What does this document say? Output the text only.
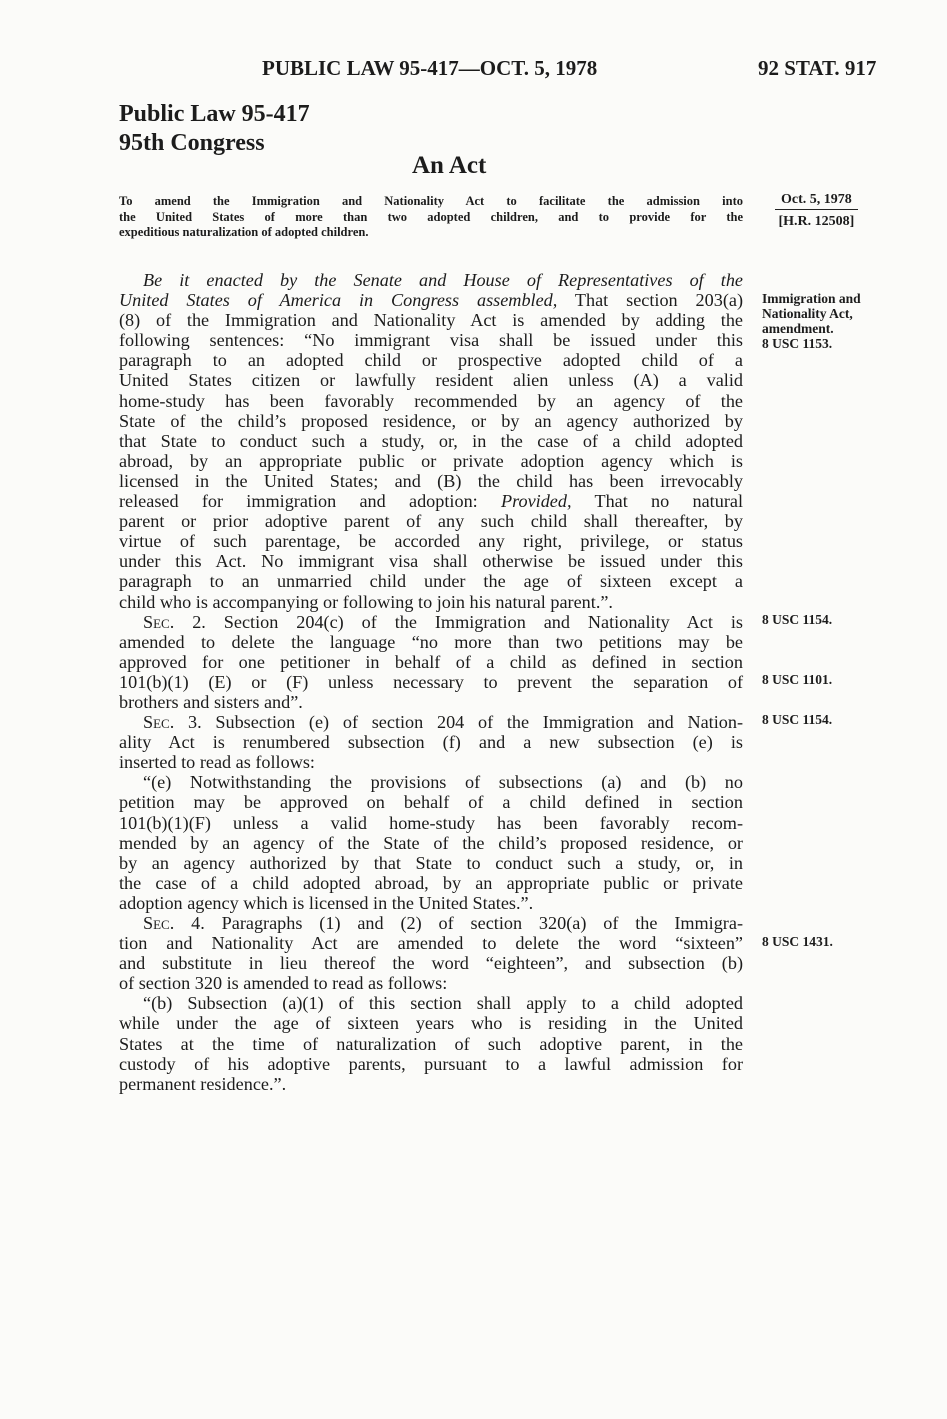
PUBLIC LAW 95-417—OCT. 5, 1978	92 STAT. 917
Public Law 95-417
95th Congress
An Act
To amend the Immigration and Nationality Act to facilitate the admission into
the United States of more than two adopted children, and to provide for the
expeditious naturalization of adopted children.
Oct. 5, 1978
[H.R. 12508]
Immigration and
Nationality Act,
amendment.
8 USC 1153.
8 USC 1154.
8 USC 1101.
8 USC 1154.
8 USC 1431.
Be it enacted by the Senate and House of Representatives of the
United States of America in Congress assembled, That section 203(a)
(8) of the Immigration and Nationality Act is amended by adding the
following sentences: “No immigrant visa shall be issued under this
paragraph to an adopted child or prospective adopted child of a
United States citizen or lawfully resident alien unless (A) a valid
home-study has been favorably recommended by an agency of the
State of the child’s proposed residence, or by an agency authorized by
that State to conduct such a study, or, in the case of a child adopted
abroad, by an appropriate public or private adoption agency which is
licensed in the United States; and (B) the child has been irrevocably
released for immigration and adoption: Provided, That no natural
parent or prior adoptive parent of any such child shall thereafter, by
virtue of such parentage, be accorded any right, privilege, or status
under this Act. No immigrant visa shall otherwise be issued under this
paragraph to an unmarried child under the age of sixteen except a
child who is accompanying or following to join his natural parent.”.
Sec. 2. Section 204(c) of the Immigration and Nationality Act is
amended to delete the language “no more than two petitions may be
approved for one petitioner in behalf of a child as defined in section
101(b)(1) (E) or (F) unless necessary to prevent the separation of
brothers and sisters and”.
Sec. 3. Subsection (e) of section 204 of the Immigration and Nation-
ality Act is renumbered subsection (f) and a new subsection (e) is
inserted to read as follows:
“(e) Notwithstanding the provisions of subsections (a) and (b) no
petition may be approved on behalf of a child defined in section
101(b)(1)(F) unless a valid home-study has been favorably recom-
mended by an agency of the State of the child’s proposed residence, or
by an agency authorized by that State to conduct such a study, or, in
the case of a child adopted abroad, by an appropriate public or private
adoption agency which is licensed in the United States.”.
Sec. 4. Paragraphs (1) and (2) of section 320(a) of the Immigra-
tion and Nationality Act are amended to delete the word “sixteen”
and substitute in lieu thereof the word “eighteen”, and subsection (b)
of section 320 is amended to read as follows:
“(b) Subsection (a)(1) of this section shall apply to a child adopted
while under the age of sixteen years who is residing in the United
States at the time of naturalization of such adoptive parent, in the
custody of his adoptive parents, pursuant to a lawful admission for
permanent residence.”.
